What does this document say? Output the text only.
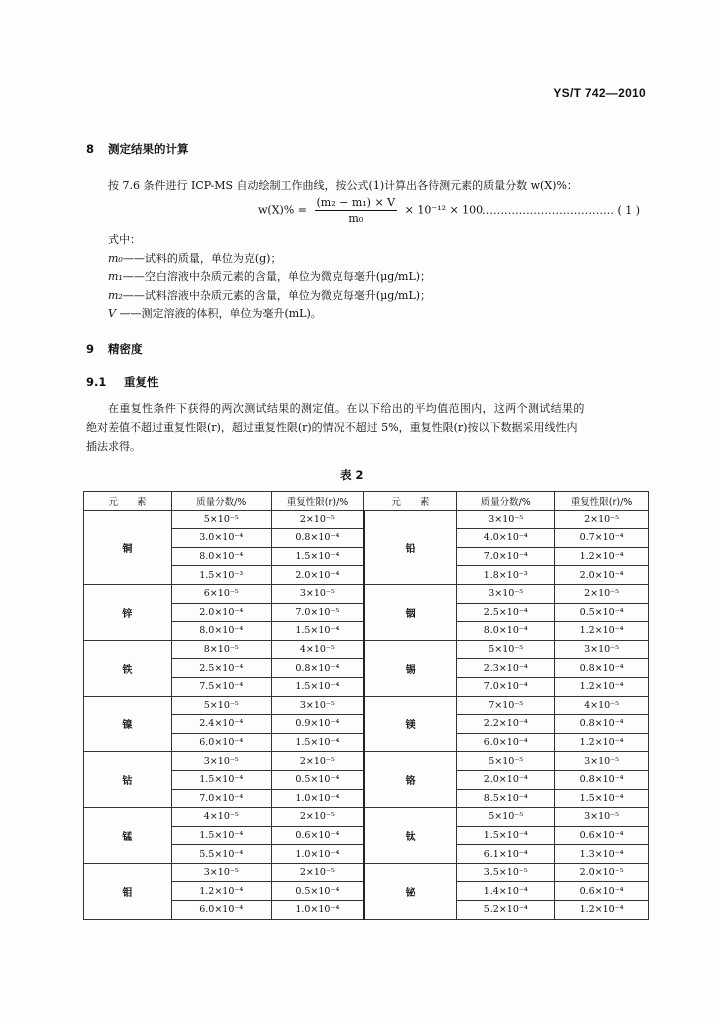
YS/T 742—2010
8 测定结果的计算
按 7.6 条件进行 ICP-MS 自动绘制工作曲线，按公式(1)计算出各待测元素的质量分数 w(X)%：
$w(X)\% = \frac{\text{(m₂ − m₁) × V}}{\text{m₀}} \times 10^{-12} \times 100$
……………………………… ( 1 )
式中：
m₀——试料的质量，单位为克(g)；
m₁——空白溶液中杂质元素的含量，单位为微克每毫升(μg/mL)；
m₂——试料溶液中杂质元素的含量，单位为微克每毫升(μg/mL)；
V ——测定溶液的体积，单位为毫升(mL)。
9 精密度
9.1 重复性
在重复性条件下获得的两次测试结果的测定值。在以下给出的平均值范围内，这两个测试结果的
绝对差值不超过重复性限(r)，超过重复性限(r)的情况不超过 5%，重复性限(r)按以下数据采用线性内
插法求得。
表 2
元　　素	质量分数/%	重复性限(r)/%	元　　素	质量分数/%	重复性限(r)/%
铜	5×10⁻⁵	2×10⁻⁵	铅	3×10⁻⁵	2×10⁻⁵
	3.0×10⁻⁴	0.8×10⁻⁴		4.0×10⁻⁴	0.7×10⁻⁴
	8.0×10⁻⁴	1.5×10⁻⁴		7.0×10⁻⁴	1.2×10⁻⁴
	1.5×10⁻³	2.0×10⁻⁴		1.8×10⁻³	2.0×10⁻⁴
锌	6×10⁻⁵	3×10⁻⁵	铟	3×10⁻⁵	2×10⁻⁵
	2.0×10⁻⁴	7.0×10⁻⁵		2.5×10⁻⁴	0.5×10⁻⁴
	8.0×10⁻⁴	1.5×10⁻⁴		8.0×10⁻⁴	1.2×10⁻⁴
铁	8×10⁻⁵	4×10⁻⁵	锡	5×10⁻⁵	3×10⁻⁵
	2.5×10⁻⁴	0.8×10⁻⁴		2.3×10⁻⁴	0.8×10⁻⁴
	7.5×10⁻⁴	1.5×10⁻⁴		7.0×10⁻⁴	1.2×10⁻⁴
镍	5×10⁻⁵	3×10⁻⁵	镁	7×10⁻⁵	4×10⁻⁵
	2.4×10⁻⁴	0.9×10⁻⁴		2.2×10⁻⁴	0.8×10⁻⁴
	6.0×10⁻⁴	1.5×10⁻⁴		6.0×10⁻⁴	1.2×10⁻⁴
钴	3×10⁻⁵	2×10⁻⁵	铬	5×10⁻⁵	3×10⁻⁵
	1.5×10⁻⁴	0.5×10⁻⁴		2.0×10⁻⁴	0.8×10⁻⁴
	7.0×10⁻⁴	1.0×10⁻⁴		8.5×10⁻⁴	1.5×10⁻⁴
锰	4×10⁻⁵	2×10⁻⁵	钛	5×10⁻⁵	3×10⁻⁵
	1.5×10⁻⁴	0.6×10⁻⁴		1.5×10⁻⁴	0.6×10⁻⁴
	5.5×10⁻⁴	1.0×10⁻⁴		6.1×10⁻⁴	1.3×10⁻⁴
钼	3×10⁻⁵	2×10⁻⁵	铋	3.5×10⁻⁵	2.0×10⁻⁵
	1.2×10⁻⁴	0.5×10⁻⁴		1.4×10⁻⁴	0.6×10⁻⁴
	6.0×10⁻⁴	1.0×10⁻⁴		5.2×10⁻⁴	1.2×10⁻⁴
